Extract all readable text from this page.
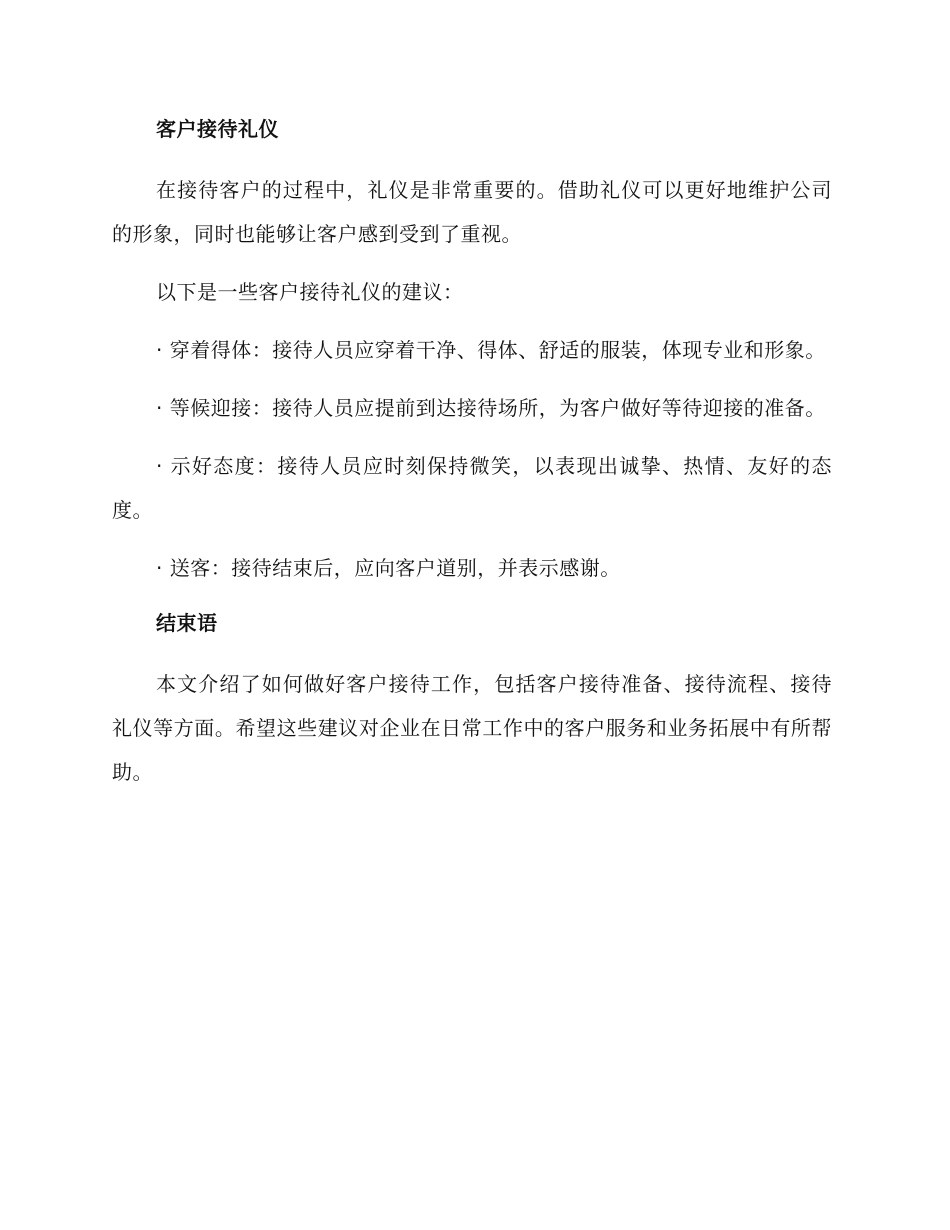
客户接待礼仪

在接待客户的过程中，礼仪是非常重要的。借助礼仪可以更好地维护公司的形象，同时也能够让客户感到受到了重视。

以下是一些客户接待礼仪的建议：

· 穿着得体：接待人员应穿着干净、得体、舒适的服装，体现专业和形象。

· 等候迎接：接待人员应提前到达接待场所，为客户做好等待迎接的准备。

· 示好态度：接待人员应时刻保持微笑，以表现出诚挚、热情、友好的态度。

· 送客：接待结束后，应向客户道别，并表示感谢。

结束语

本文介绍了如何做好客户接待工作，包括客户接待准备、接待流程、接待礼仪等方面。希望这些建议对企业在日常工作中的客户服务和业务拓展中有所帮助。
